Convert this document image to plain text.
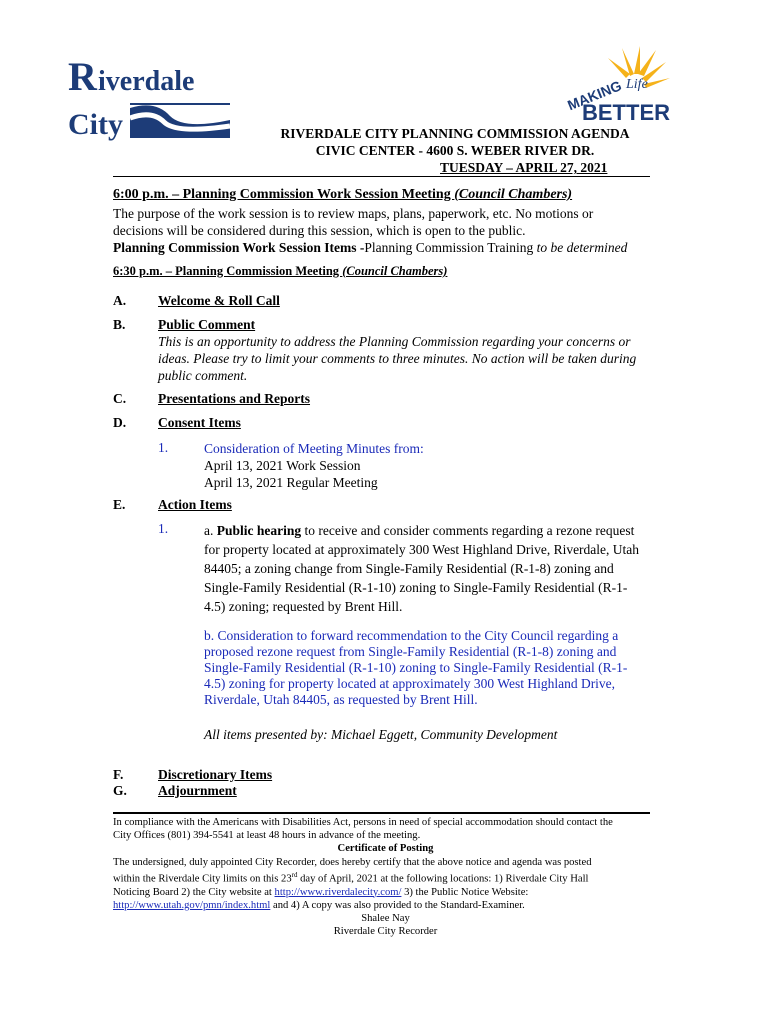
R iverdale
City
MAKING Life
BETTER
RIVERDALE CITY PLANNING COMMISSION AGENDA
CIVIC CENTER - 4600 S. WEBER RIVER DR.
TUESDAY – APRIL 27, 2021
6:00 p.m. – Planning Commission Work Session Meeting (Council Chambers)
The purpose of the work session is to review maps, plans, paperwork, etc. No motions or
decisions will be considered during this session, which is open to the public.
Planning Commission Work Session Items -Planning Commission Training to be determined
6:30 p.m. – Planning Commission Meeting (Council Chambers)
A. Welcome & Roll Call
B. Public Comment
This is an opportunity to address the Planning Commission regarding your concerns or
ideas. Please try to limit your comments to three minutes. No action will be taken during
public comment.
C. Presentations and Reports
D. Consent Items
1.	Consideration of Meeting Minutes from:
April 13, 2021 Work Session
April 13, 2021 Regular Meeting
E. Action Items
1.	a. Public hearing to receive and consider comments regarding a rezone request
for property located at approximately 300 West Highland Drive, Riverdale, Utah
84405; a zoning change from Single-Family Residential (R-1-8) zoning and
Single-Family Residential (R-1-10) zoning to Single-Family Residential (R-1-
4.5) zoning; requested by Brent Hill.
b. Consideration to forward recommendation to the City Council regarding a
proposed rezone request from Single-Family Residential (R-1-8) zoning and
Single-Family Residential (R-1-10) zoning to Single-Family Residential (R-1-
4.5) zoning for property located at approximately 300 West Highland Drive,
Riverdale, Utah 84405, as requested by Brent Hill.
All items presented by: Michael Eggett, Community Development
F.	Discretionary Items
G. Adjournment
In compliance with the Americans with Disabilities Act, persons in need of special accommodation should contact the
City Offices (801) 394-5541 at least 48 hours in advance of the meeting.
Certificate of Posting
The undersigned, duly appointed City Recorder, does hereby certify that the above notice and agenda was posted
within the Riverdale City limits on this 23rd day of April, 2021 at the following locations: 1) Riverdale City Hall
Noticing Board 2) the City website at http://www.riverdalecity.com/ 3) the Public Notice Website:
http://www.utah.gov/pmn/index.html and 4) A copy was also provided to the Standard-Examiner.
Shalee Nay
Riverdale City Recorder
